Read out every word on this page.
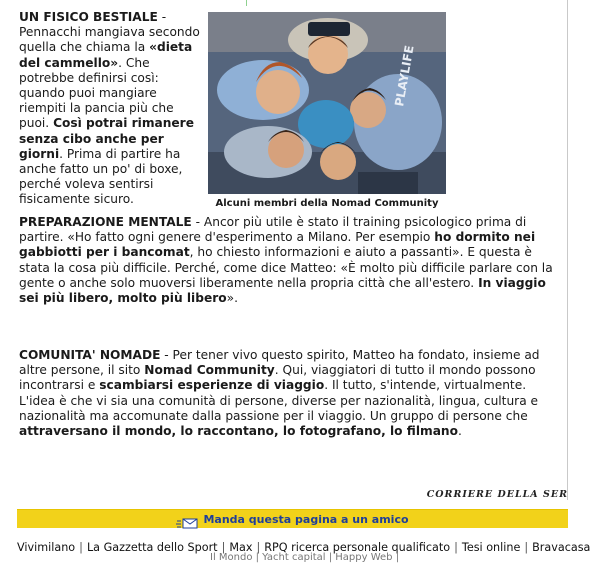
UN FISICO BESTIALE - Pennacchi mangiava secondo quella che chiama la «dieta del cammello». Che potrebbe definirsi così: quando puoi mangiare riempiti la pancia più che puoi. Così potrai rimanere senza cibo anche per giorni. Prima di partire ha anche fatto un po' di boxe, perché voleva sentirsi fisicamente sicuro.
PLAYLIFE
Alcuni membri della Nomad Community
PREPARAZIONE MENTALE - Ancor più utile è stato il training psicologico prima di partire. «Ho fatto ogni genere d'esperimento a Milano. Per esempio ho dormito nei gabbiotti per i bancomat, ho chiesto informazioni e aiuto a passanti». E questa è stata la cosa più difficile. Perché, come dice Matteo: «È molto più difficile parlare con la gente o anche solo muoversi liberamente nella propria città che all'estero. In viaggio sei più libero, molto più libero».
COMUNITA' NOMADE - Per tener vivo questo spirito, Matteo ha fondato, insieme ad altre persone, il sito Nomad Community. Qui, viaggiatori di tutto il mondo possono incontrarsi e scambiarsi esperienze di viaggio. Il tutto, s'intende, virtualmente. L'idea è che vi sia una comunità di persone, diverse per nazionalità, lingua, cultura e nazionalità ma accomunate dalla passione per il viaggio. Un gruppo di persone che attraversano il mondo, lo raccontano, lo fotografano, lo filmano.
CORRIERE DELLA SER
Manda questa pagina a un amico
Vivimilano | La Gazzetta dello Sport | Max | RPQ ricerca personale qualificato | Tesi online | Bravacasa
Il Mondo | Yacht capital | Happy Web |
